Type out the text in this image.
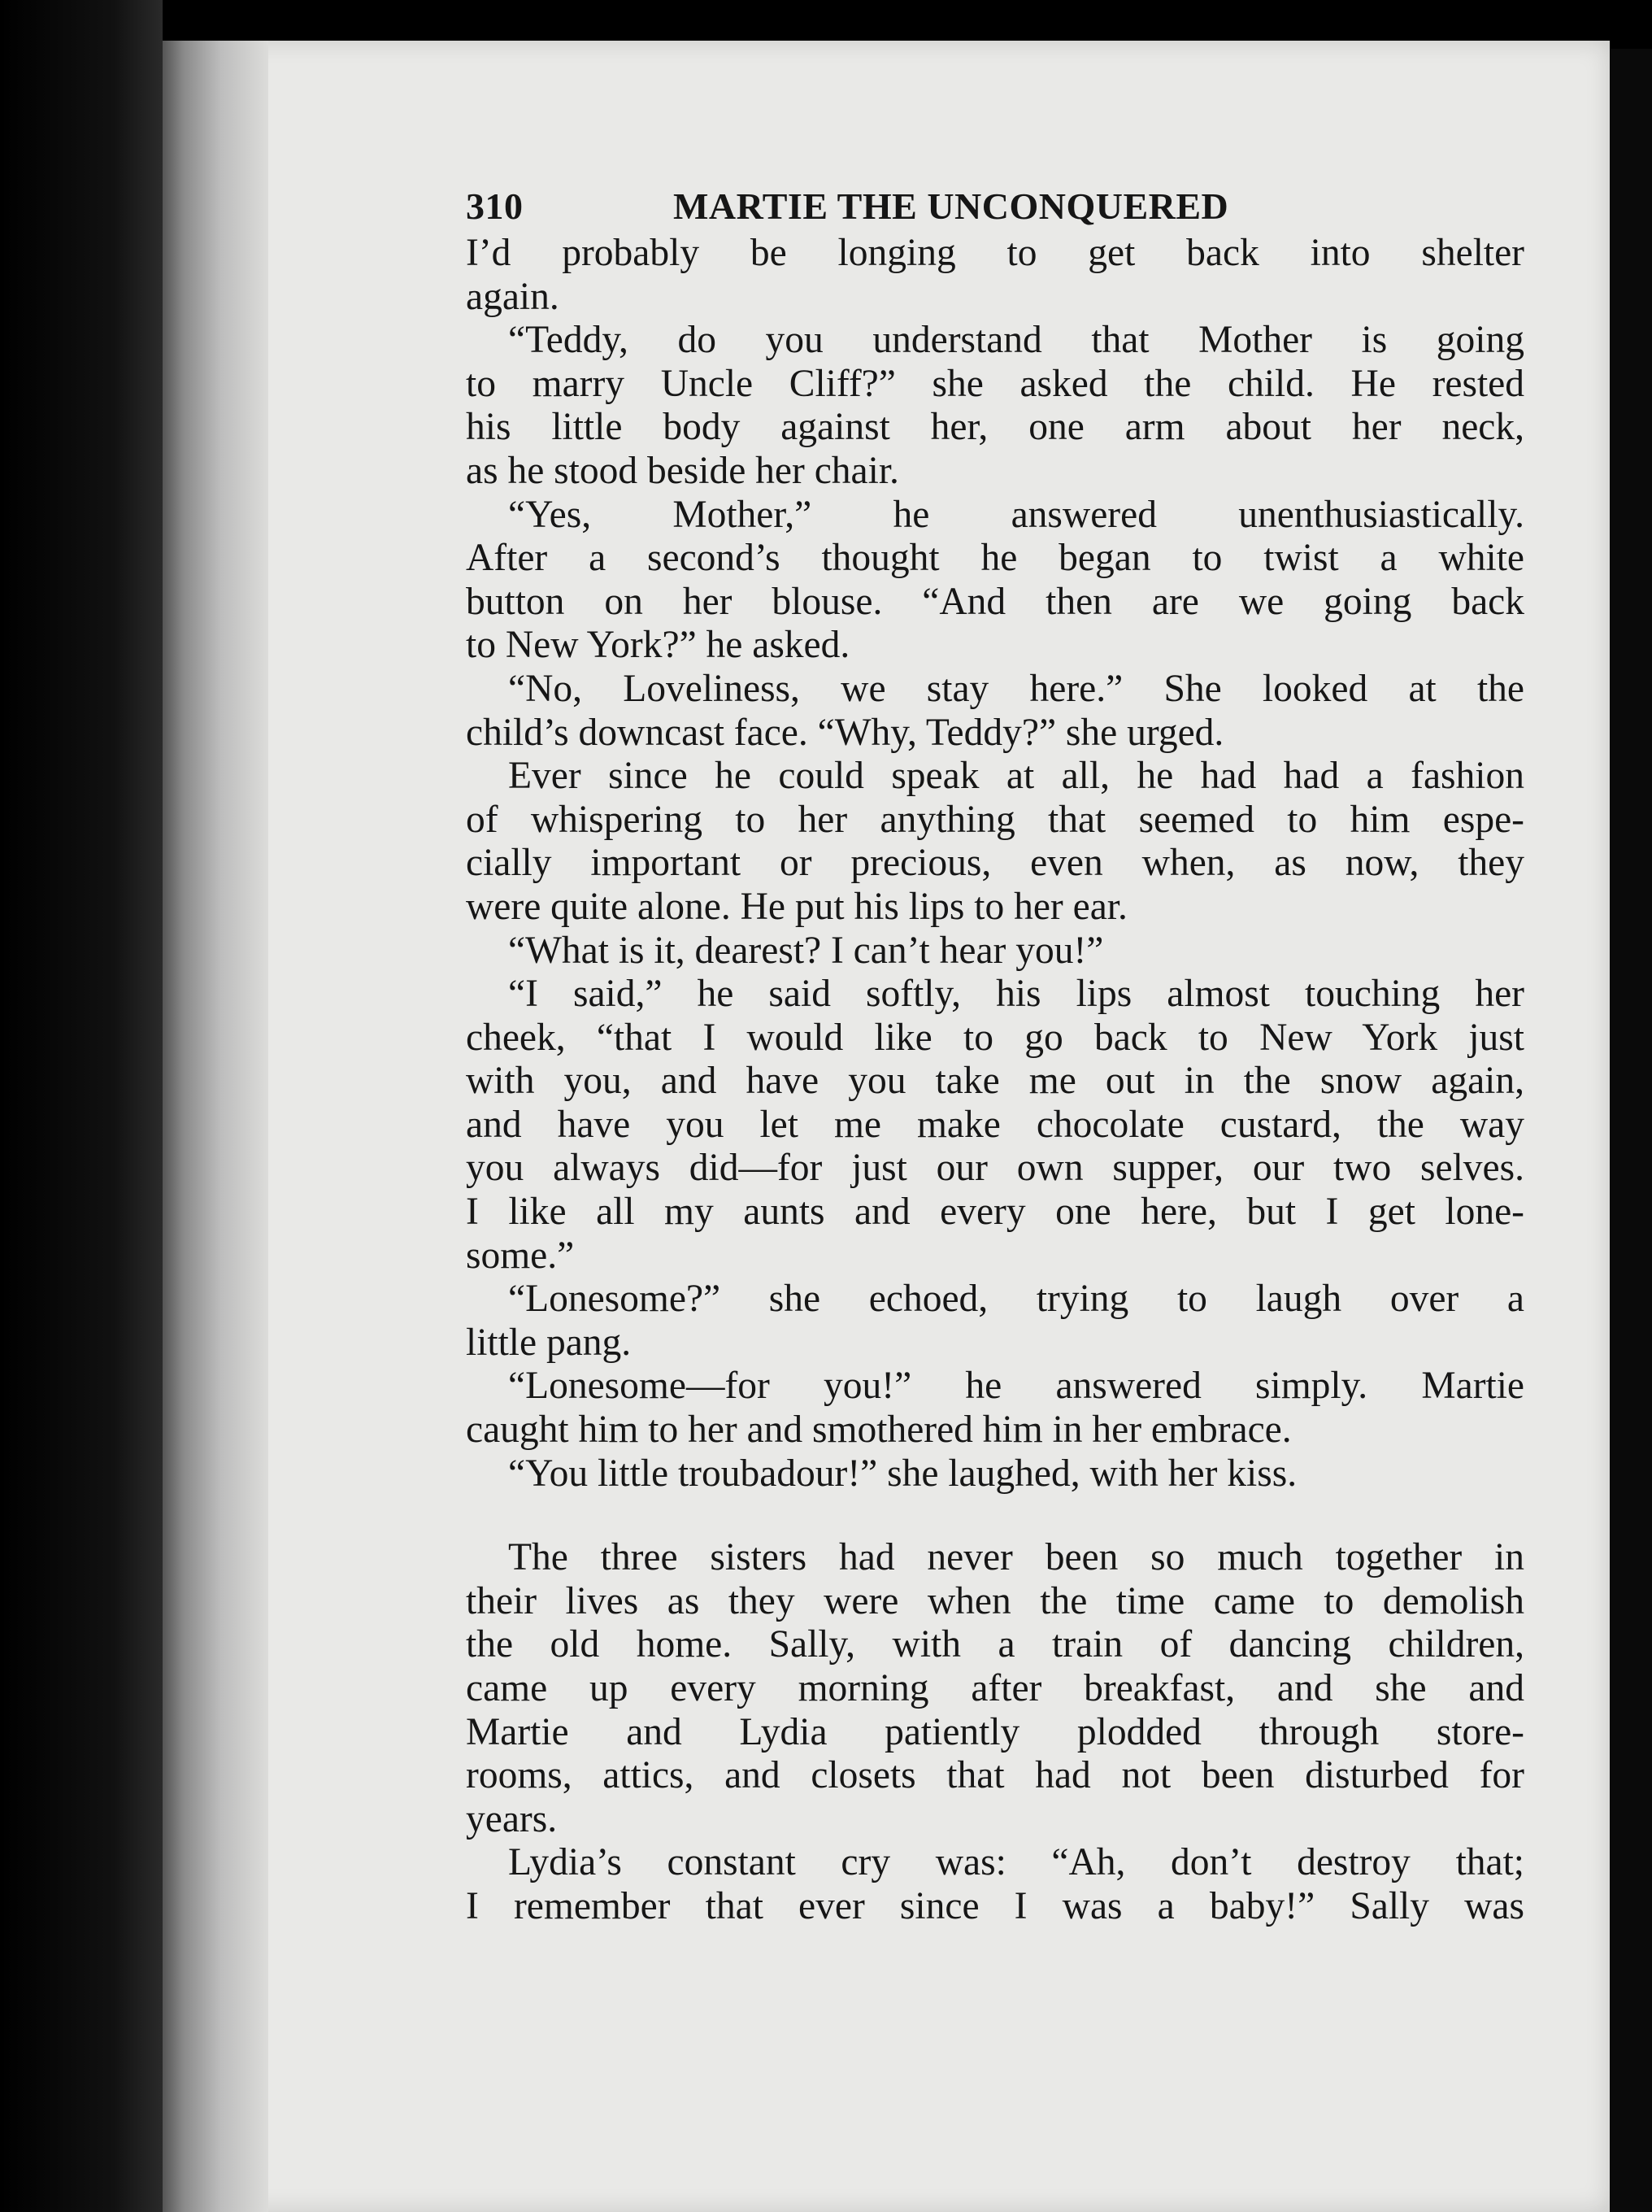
310	MARTIE THE UNCONQUERED

I’d probably be longing to get back into shelter
again.

“Teddy, do you understand that Mother is going
to marry Uncle Cliff?” she asked the child. He rested
his little body against her, one arm about her neck,
as he stood beside her chair.

“Yes, Mother,” he answered unenthusiastically.
After a second’s thought he began to twist a white
button on her blouse. “And then are we going back
to New York?” he asked.

“No, Loveliness, we stay here.” She looked at the
child’s downcast face. “Why, Teddy?” she urged.

Ever since he could speak at all, he had had a fashion
of whispering to her anything that seemed to him espe-
cially important or precious, even when, as now, they
were quite alone. He put his lips to her ear.

“What is it, dearest? I can’t hear you!”

“I said,” he said softly, his lips almost touching her
cheek, “that I would like to go back to New York just
with you, and have you take me out in the snow again,
and have you let me make chocolate custard, the way
you always did—for just our own supper, our two selves.
I like all my aunts and every one here, but I get lone-
some.”

“Lonesome?” she echoed, trying to laugh over a
little pang.

“Lonesome—for you!” he answered simply. Martie
caught him to her and smothered him in her embrace.

“You little troubadour!” she laughed, with her kiss.

The three sisters had never been so much together in
their lives as they were when the time came to demolish
the old home. Sally, with a train of dancing children,
came up every morning after breakfast, and she and
Martie and Lydia patiently plodded through store-
rooms, attics, and closets that had not been disturbed for
years.

Lydia’s constant cry was: “Ah, don’t destroy that;
I remember that ever since I was a baby!” Sally was
